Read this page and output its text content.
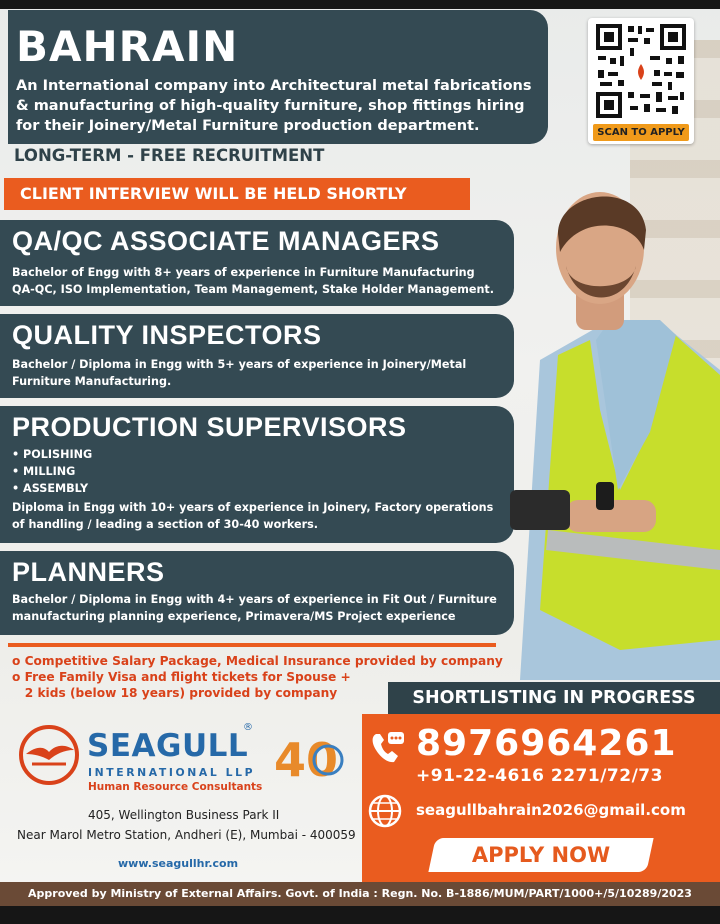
BAHRAIN
An International company into Architectural metal fabrications
& manufacturing of high-quality furniture, shop fittings hiring
for their Joinery/Metal Furniture production department.	SCAN TO APPLY
LONG-TERM - FREE RECRUITMENT
CLIENT INTERVIEW WILL BE HELD SHORTLY
QA/QC ASSOCIATE MANAGERS
Bachelor of Engg with 8+ years of experience in Furniture Manufacturing
QA-QC, ISO Implementation, Team Management, Stake Holder Management.
QUALITY INSPECTORS
Bachelor / Diploma in Engg with 5+ years of experience in Joinery/Metal
Furniture Manufacturing.
PRODUCTION SUPERVISORS
• POLISHING
• MILLING
• ASSEMBLY
Diploma in Engg with 10+ years of experience in Joinery, Factory operations
of handling / leading a section of 30-40 workers.
PLANNERS
Bachelor / Diploma in Engg with 4+ years of experience in Fit Out / Furniture
manufacturing planning experience, Primavera/MS Project experience
o Competitive Salary Package, Medical Insurance provided by company
o Free Family Visa and flight tickets for Spouse +
2 kids (below 18 years) provided by company	SHORTLISTING IN PROGRESS
8976964261
+91-22-4616 2271/72/73
seagullbahrain2026@gmail.com
APPLY NOW
SEAGULL
®
INTERNATIONAL LLP
Human Resource Consultants 40
405, Wellington Business Park II
Near Marol Metro Station, Andheri (E), Mumbai - 400059
www.seagullhr.com
Approved by Ministry of External Affairs. Govt. of India : Regn. No. B-1886/MUM/PART/1000+/5/10289/2023
